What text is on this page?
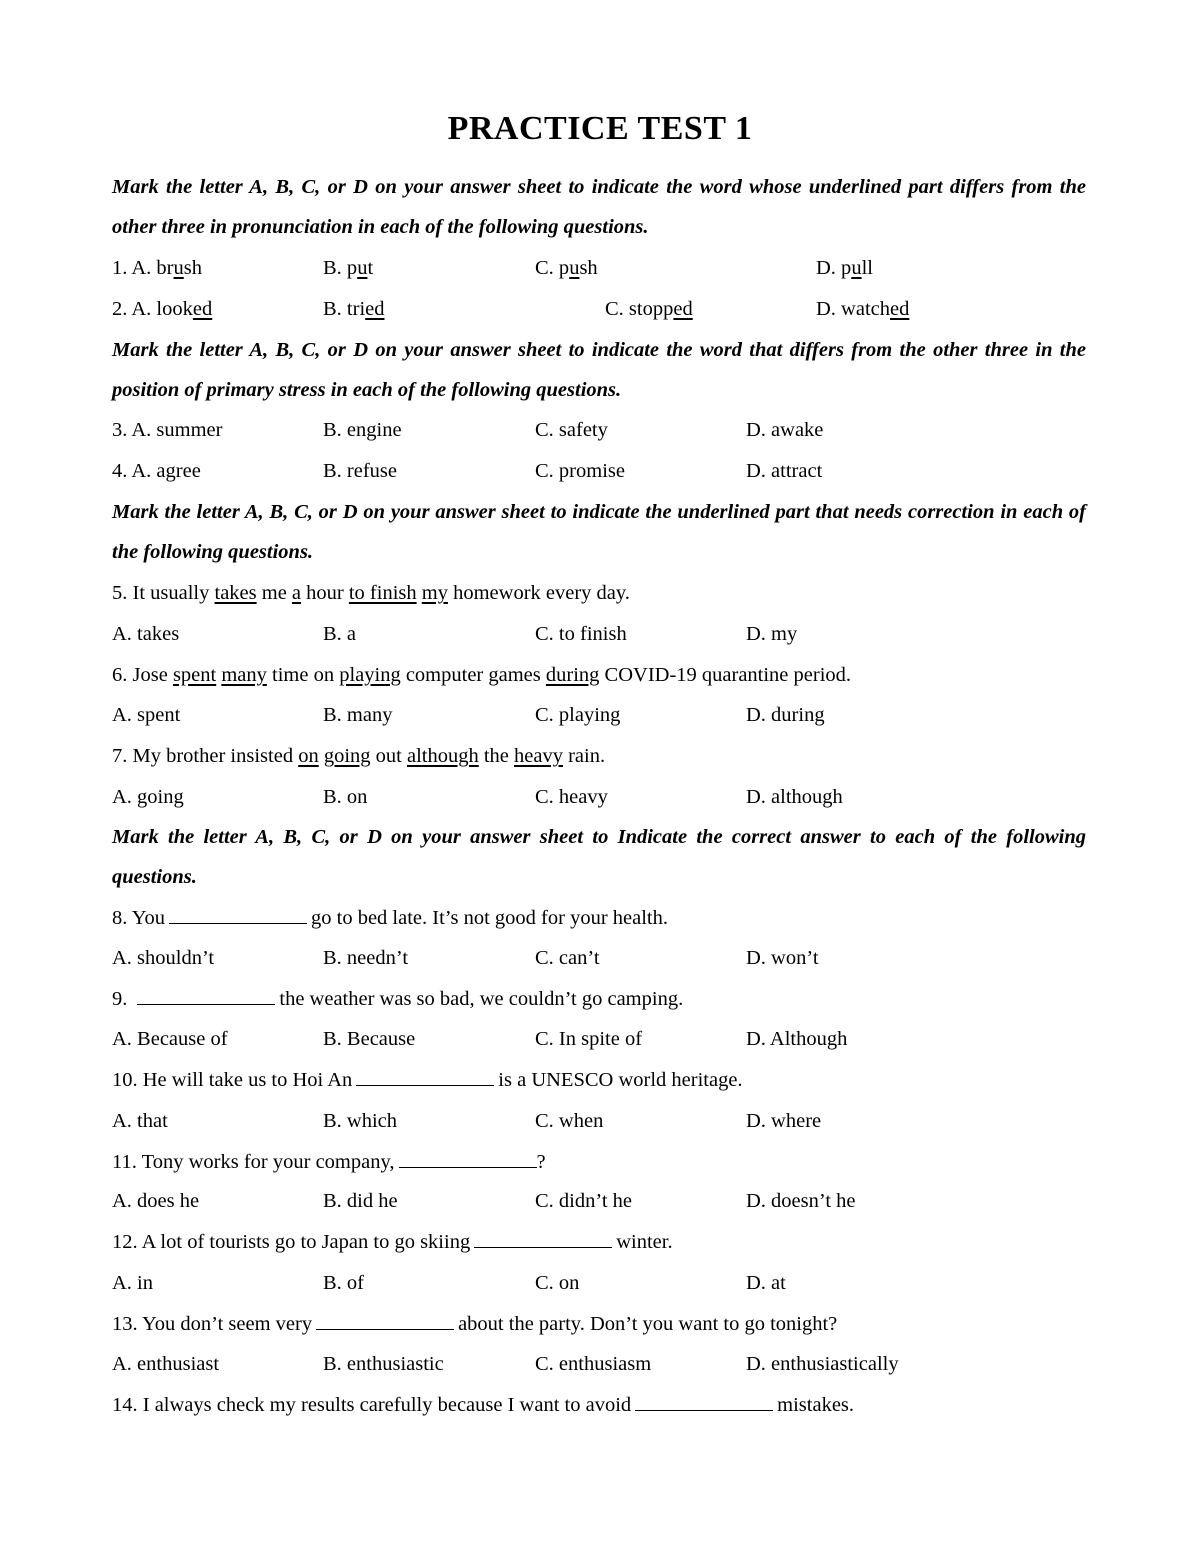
PRACTICE TEST 1
Mark the letter A, B, C, or D on your answer sheet to indicate the word whose underlined part differs from the other three in pronunciation in each of the following questions.
1. A. brush	B. put	C. push	D. pull
2. A. looked	B. tried	C. stopped	D. watched
Mark the letter A, B, C, or D on your answer sheet to indicate the word that differs from the other three in the position of primary stress in each of the following questions.
3. A. summer	B. engine	C. safety	D. awake
4. A. agree	B. refuse	C. promise	D. attract
Mark the letter A, B, C, or D on your answer sheet to indicate the underlined part that needs correction in each of the following questions.
5. It usually takes me a hour to finish my homework every day.
A. takes	B. a	C. to finish	D. my
6. Jose spent many time on playing computer games during COVID-19 quarantine period.
A. spent	B. many	C. playing	D. during
7. My brother insisted on going out although the heavy rain.
A. going	B. on	C. heavy	D. although
Mark the letter A, B, C, or D on your answer sheet to Indicate the correct answer to each of the following questions.
8. You	go to bed late. It’s not good for your health.
A. shouldn’t	B. needn’t	C. can’t	D. won’t
9.	the weather was so bad, we couldn’t go camping.
A. Because of	B. Because	C. In spite of	D. Although
10. He will take us to Hoi An	is a UNESCO world heritage.
A. that	B. which	C. when	D. where
11. Tony works for your company,	?
A. does he	B. did he	C. didn’t he	D. doesn’t he
12. A lot of tourists go to Japan to go skiing	winter.
A. in	B. of	C. on	D. at
13. You don’t seem very	about the party. Don’t you want to go tonight?
A. enthusiast	B. enthusiastic	C. enthusiasm	D. enthusiastically
14. I always check my results carefully because I want to avoid	mistakes.
